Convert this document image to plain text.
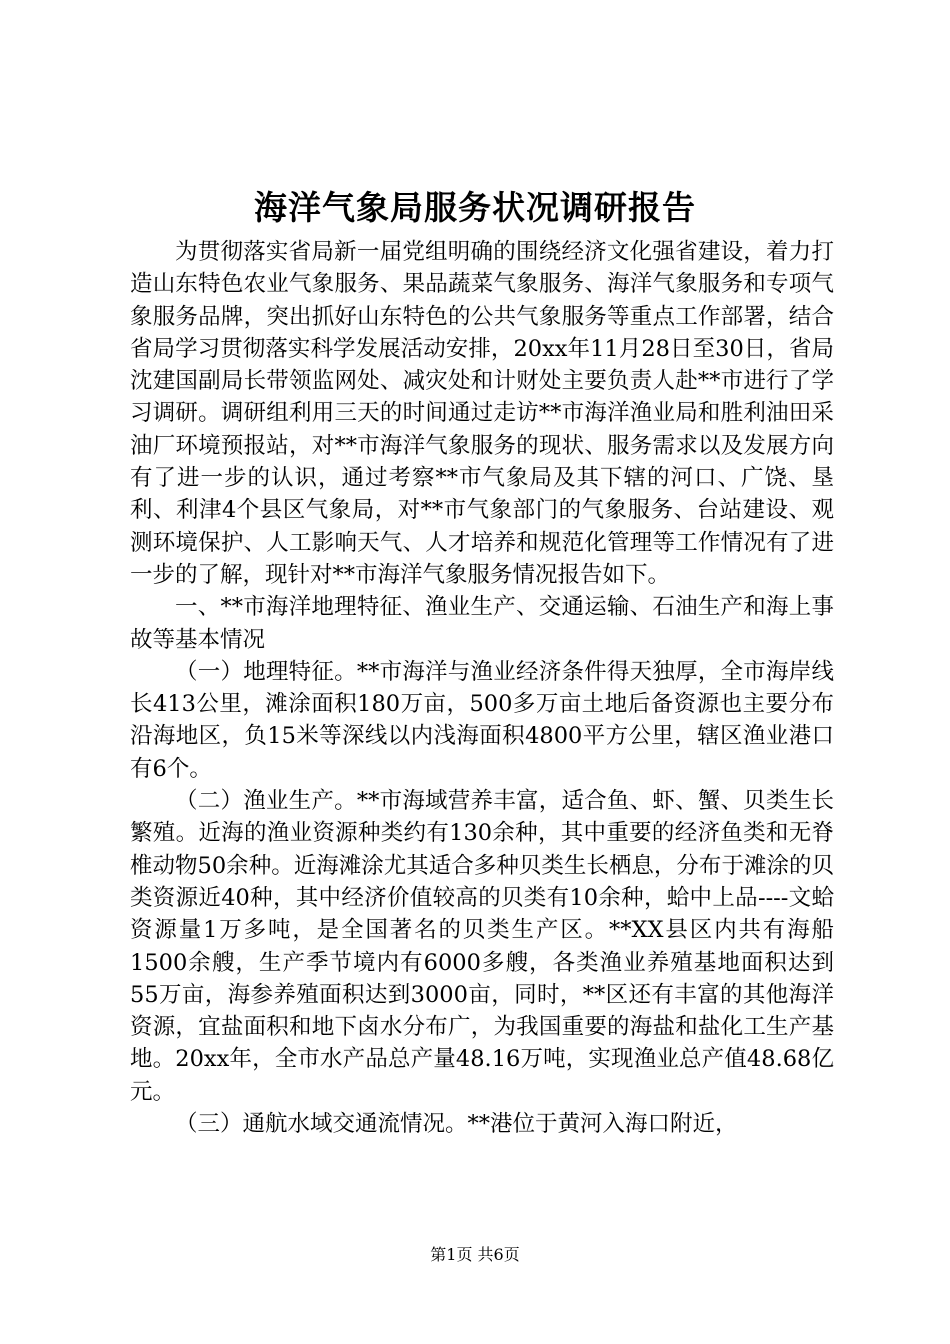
海洋气象局服务状况调研报告

为贯彻落实省局新一届党组明确的围绕经济文化强省建设，着力打造山东特色农业气象服务、果品蔬菜气象服务、海洋气象服务和专项气象服务品牌，突出抓好山东特色的公共气象服务等重点工作部署，结合省局学习贯彻落实科学发展活动安排，20xx年11月28日至30日，省局沈建国副局长带领监网处、减灾处和计财处主要负责人赴**市进行了学习调研。调研组利用三天的时间通过走访**市海洋渔业局和胜利油田采油厂环境预报站，对**市海洋气象服务的现状、服务需求以及发展方向有了进一步的认识，通过考察**市气象局及其下辖的河口、广饶、垦利、利津4个县区气象局，对**市气象部门的气象服务、台站建设、观测环境保护、人工影响天气、人才培养和规范化管理等工作情况有了进一步的了解，现针对**市海洋气象服务情况报告如下。

一、**市海洋地理特征、渔业生产、交通运输、石油生产和海上事故等基本情况

（一）地理特征。**市海洋与渔业经济条件得天独厚，全市海岸线长413公里，滩涂面积180万亩，500多万亩土地后备资源也主要分布沿海地区，负15米等深线以内浅海面积4800平方公里，辖区渔业港口有6个。

（二）渔业生产。**市海域营养丰富，适合鱼、虾、蟹、贝类生长繁殖。近海的渔业资源种类约有130余种，其中重要的经济鱼类和无脊椎动物50余种。近海滩涂尤其适合多种贝类生长栖息，分布于滩涂的贝类资源近40种，其中经济价值较高的贝类有10余种，蛤中上品----文蛤资源量1万多吨，是全国著名的贝类生产区。**XX县区内共有海船1500余艘，生产季节境内有6000多艘，各类渔业养殖基地面积达到55万亩，海参养殖面积达到3000亩，同时，**区还有丰富的其他海洋资源，宜盐面积和地下卤水分布广，为我国重要的海盐和盐化工生产基地。20xx年，全市水产品总产量48.16万吨，实现渔业总产值48.68亿元。

（三）通航水域交通流情况。**港位于黄河入海口附近，

第1页 共6页
